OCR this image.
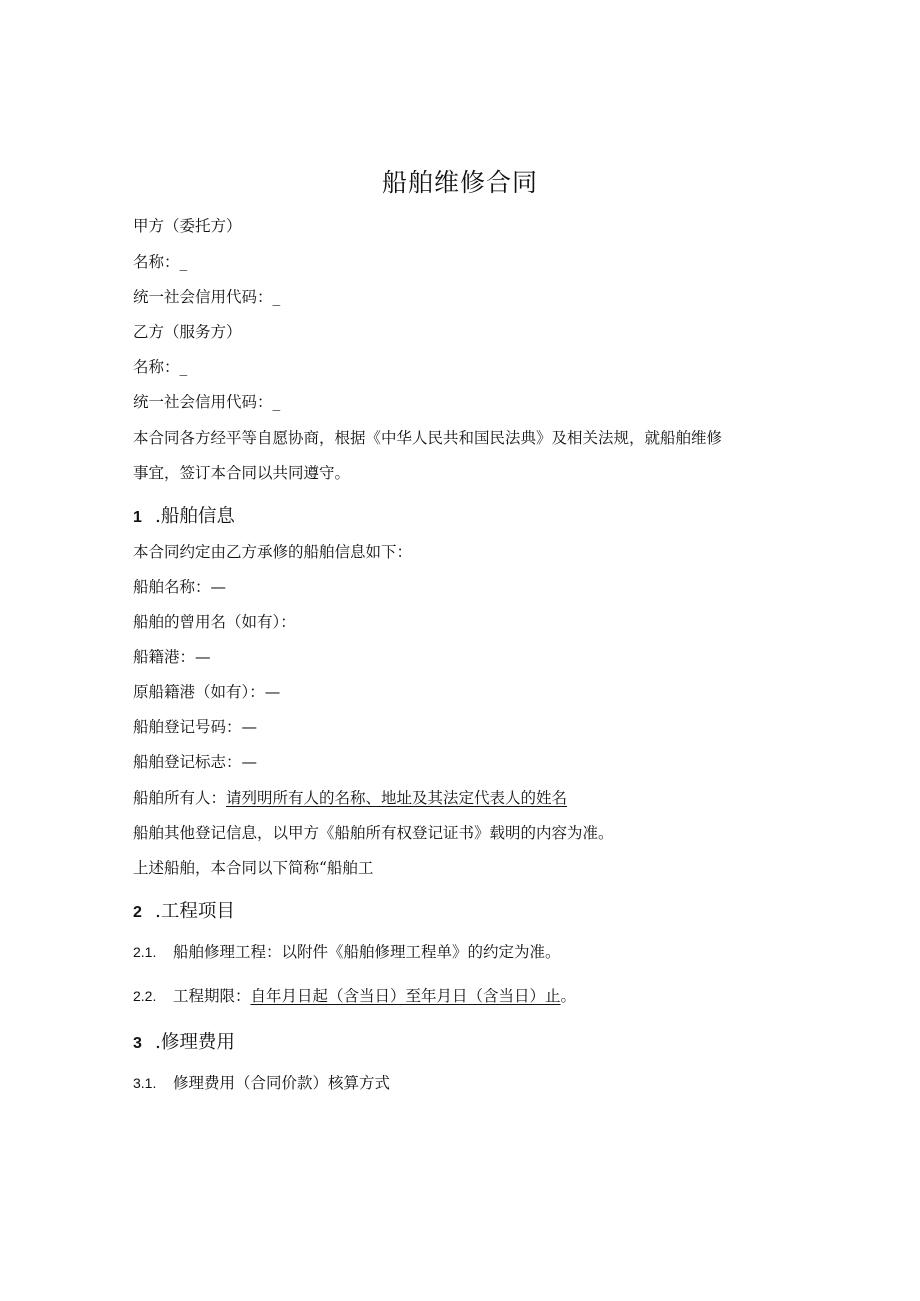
船舶维修合同
甲方（委托方）
名称：_
统一社会信用代码：_
乙方（服务方）
名称：_
统一社会信用代码：_
本合同各方经平等自愿协商，根据《中华人民共和国民法典》及相关法规，就船舶维修
事宜，签订本合同以共同遵守。
1 .船舶信息
本合同约定由乙方承修的船舶信息如下：
船舶名称：—
船舶的曾用名（如有）：
船籍港：—
原船籍港（如有）：—
船舶登记号码：—
船舶登记标志：—
船舶所有人：请列明所有人的名称、地址及其法定代表人的姓名
船舶其他登记信息，以甲方《船舶所有权登记证书》载明的内容为准。
上述船舶，本合同以下简称“船舶工
2 .工程项目
2.1. 船舶修理工程：以附件《船舶修理工程单》的约定为准。
2.2. 工程期限：自年月日起（含当日）至年月日（含当日）止。
3 .修理费用
3.1. 修理费用（合同价款）核算方式
